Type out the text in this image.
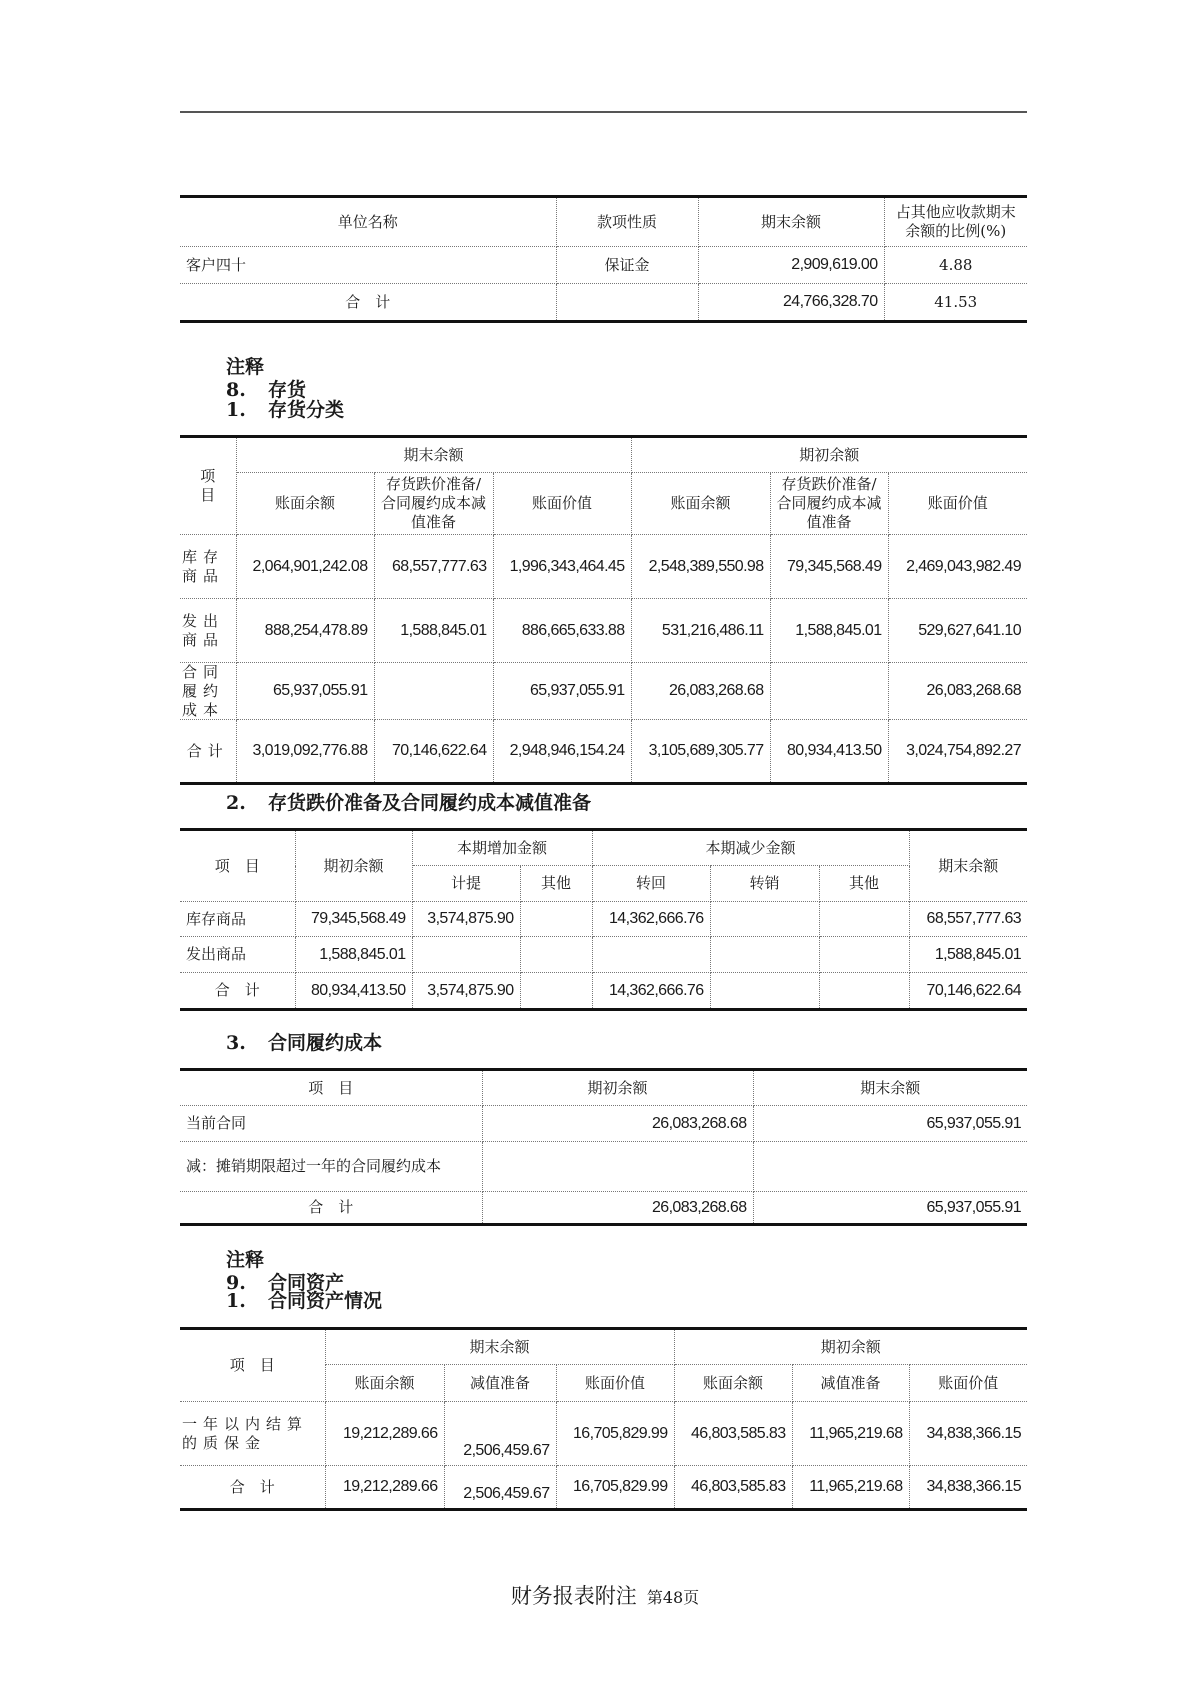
单位名称	款项性质	期末余额	占其他应收款期末余额的比例(%)
客户四十	保证金	2,909,619.00	4.88
合　计		24,766,328.70	41.53
注释8. 存货
1. 存货分类
项目	期末余额			期初余额		
	账面余额	存货跌价准备/合同履约成本减值准备	账面价值	账面余额	存货跌价准备/合同履约成本减值准备	账面价值
库存商品	2,064,901,242.08	68,557,777.63	1,996,343,464.45	2,548,389,550.98	79,345,568.49	2,469,043,982.49
发出商品	888,254,478.89	1,588,845.01	886,665,633.88	531,216,486.11	1,588,845.01	529,627,641.10
合同履约成本	65,937,055.91		65,937,055.91	26,083,268.68		26,083,268.68
合计	3,019,092,776.88	70,146,622.64	2,948,946,154.24	3,105,689,305.77	80,934,413.50	3,024,754,892.27
2. 存货跌价准备及合同履约成本减值准备
项　目	期初余额	本期增加金额		本期减少金额			期末余额
		计提	其他	转回	转销	其他	
库存商品	79,345,568.49	3,574,875.90		14,362,666.76			68,557,777.63
发出商品	1,588,845.01						1,588,845.01
合　计	80,934,413.50	3,574,875.90		14,362,666.76			70,146,622.64
3. 合同履约成本
项　目	期初余额	期末余额
当前合同	26,083,268.68	65,937,055.91
减：摊销期限超过一年的合同履约成本		
合　计	26,083,268.68	65,937,055.91
注释9. 合同资产
1. 合同资产情况
项　目	期末余额			期初余额		
	账面余额	减值准备	账面价值	账面余额	减值准备	账面价值
一年以内结算的质保金	19,212,289.66	2,506,459.67	16,705,829.99	46,803,585.83	11,965,219.68	34,838,366.15
合　计	19,212,289.66	2,506,459.67	16,705,829.99	46,803,585.83	11,965,219.68	34,838,366.15
财务报表附注 第48页
